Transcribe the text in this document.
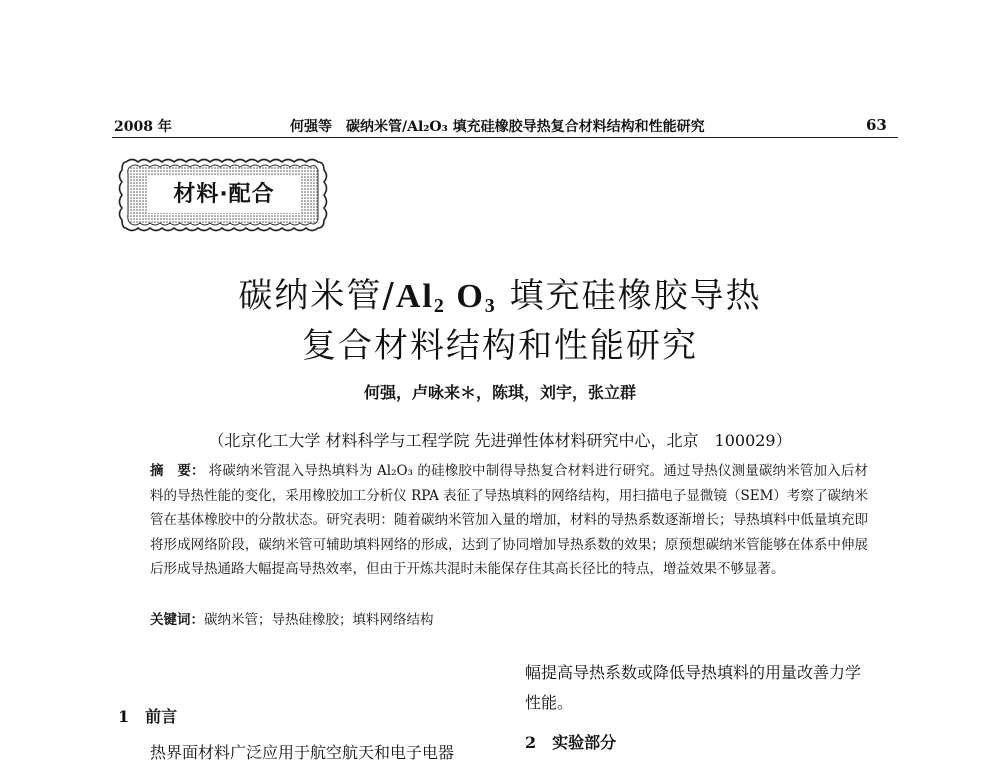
2008 年	何强等　碳纳米管/Al₂O₃ 填充硅橡胶导热复合材料结构和性能研究	63
材料·配合
碳纳米管$/Al_2$ $O_3$ 填充硅橡胶导热
复合材料结构和性能研究
何强，卢咏来＊，陈琪，刘宇，张立群
（北京化工大学 材料科学与工程学院 先进弹性体材料研究中心，北京　100029）
摘　要： 将碳纳米管混入导热填料为 Al₂O₃ 的硅橡胶中制得导热复合材料进行研究。通过导热仪测量碳纳米管加入后材料的导热性能的变化，采用橡胶加工分析仪 RPA 表征了导热填料的网络结构，用扫描电子显微镜（SEM）考察了碳纳米管在基体橡胶中的分散状态。研究表明：随着碳纳米管加入量的增加，材料的导热系数逐渐增长；导热填料中低量填充即将形成网络阶段，碳纳米管可辅助填料网络的形成，达到了协同增加导热系数的效果；原预想碳纳米管能够在体系中伸展后形成导热通路大幅提高导热效率，但由于开炼共混时未能保存住其高长径比的特点，增益效果不够显著。
关键词：碳纳米管；导热硅橡胶；填料网络结构
1　前言
热界面材料广泛应用于航空航天和电子电器
幅提高导热系数或降低导热填料的用量改善力学
性能。
2　实验部分
